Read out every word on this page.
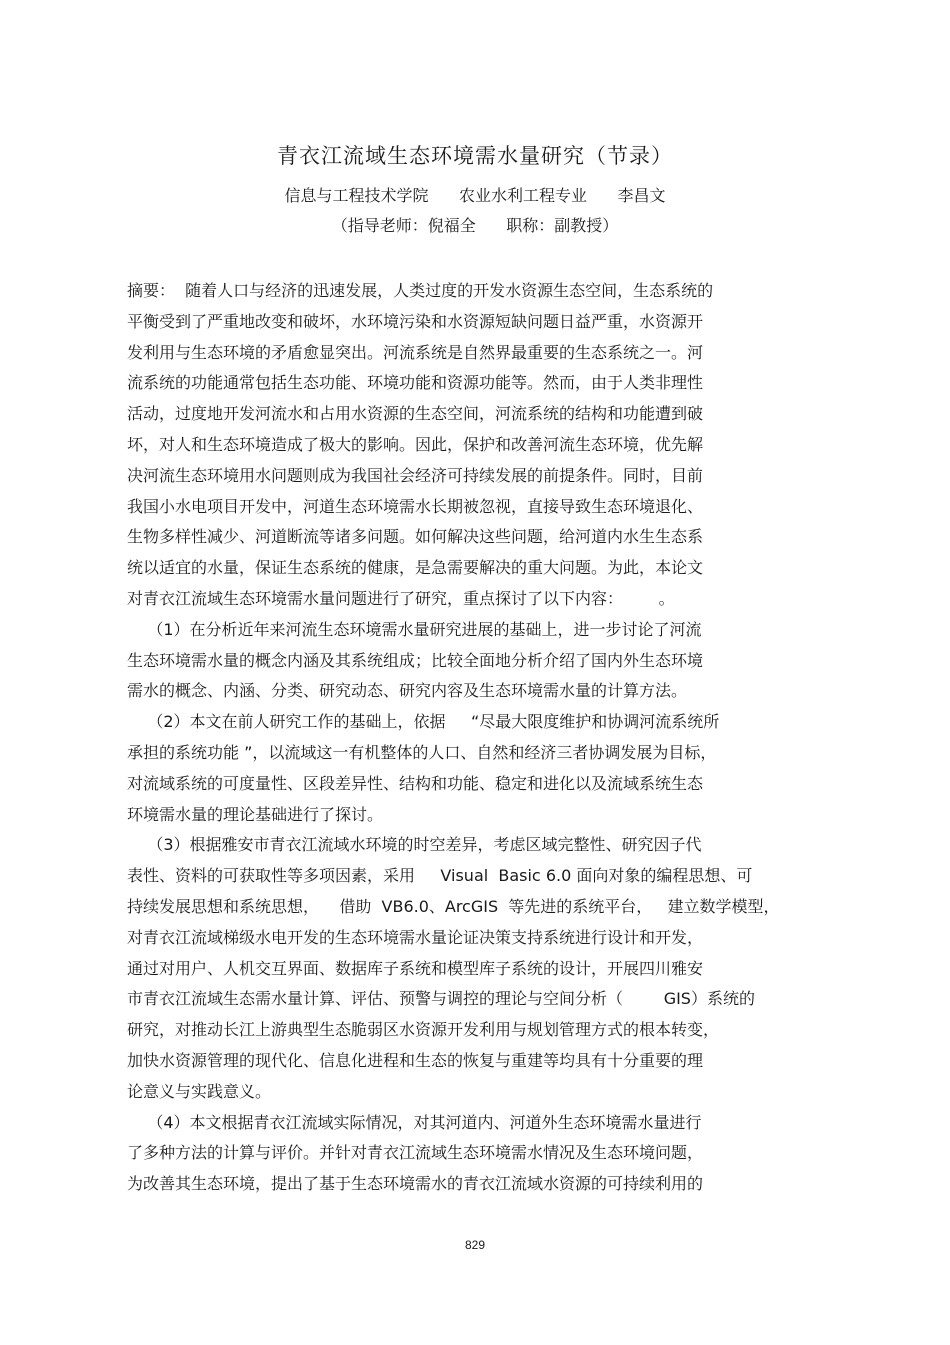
青衣江流域生态环境需水量研究（节录）
信息与工程技术学院      农业水利工程专业      李昌文
（指导老师：倪福全      职称：副教授）
摘要：  随着人口与经济的迅速发展，人类过度的开发水资源生态空间，生态系统的
平衡受到了严重地改变和破坏，水环境污染和水资源短缺问题日益严重，水资源开
发利用与生态环境的矛盾愈显突出。河流系统是自然界最重要的生态系统之一。河
流系统的功能通常包括生态功能、环境功能和资源功能等。然而，由于人类非理性
活动，过度地开发河流水和占用水资源的生态空间，河流系统的结构和功能遭到破
坏，对人和生态环境造成了极大的影响。因此，保护和改善河流生态环境，优先解
决河流生态环境用水问题则成为我国社会经济可持续发展的前提条件。同时，目前
我国小水电项目开发中，河道生态环境需水长期被忽视，直接导致生态环境退化、
生物多样性减少、河道断流等诸多问题。如何解决这些问题，给河道内水生生态系
统以适宜的水量，保证生态系统的健康，是急需要解决的重大问题。为此，本论文
对青衣江流域生态环境需水量问题进行了研究，重点探讨了以下内容：       。
（1）在分析近年来河流生态环境需水量研究进展的基础上，进一步讨论了河流
生态环境需水量的概念内涵及其系统组成；比较全面地分析介绍了国内外生态环境
需水的概念、内涵、分类、研究动态、研究内容及生态环境需水量的计算方法。
（2）本文在前人研究工作的基础上，依据     “尽最大限度维护和协调河流系统所
承担的系统功能 ”，以流域这一有机整体的人口、自然和经济三者协调发展为目标，
对流域系统的可度量性、区段差异性、结构和功能、稳定和进化以及流域系统生态
环境需水量的理论基础进行了探讨。
（3）根据雅安市青衣江流域水环境的时空差异，考虑区域完整性、研究因子代
表性、资料的可获取性等多项因素，采用     Visual  Basic 6.0 面向对象的编程思想、可
持续发展思想和系统思想，    借助  VB6.0、ArcGIS  等先进的系统平台，   建立数学模型，
对青衣江流域梯级水电开发的生态环境需水量论证决策支持系统进行设计和开发，
通过对用户、人机交互界面、数据库子系统和模型库子系统的设计，开展四川雅安
市青衣江流域生态需水量计算、评估、预警与调控的理论与空间分析（        GIS）系统的
研究，对推动长江上游典型生态脆弱区水资源开发利用与规划管理方式的根本转变，
加快水资源管理的现代化、信息化进程和生态的恢复与重建等均具有十分重要的理
论意义与实践意义。
（4）本文根据青衣江流域实际情况，对其河道内、河道外生态环境需水量进行
了多种方法的计算与评价。并针对青衣江流域生态环境需水情况及生态环境问题，
为改善其生态环境，提出了基于生态环境需水的青衣江流域水资源的可持续利用的
829
